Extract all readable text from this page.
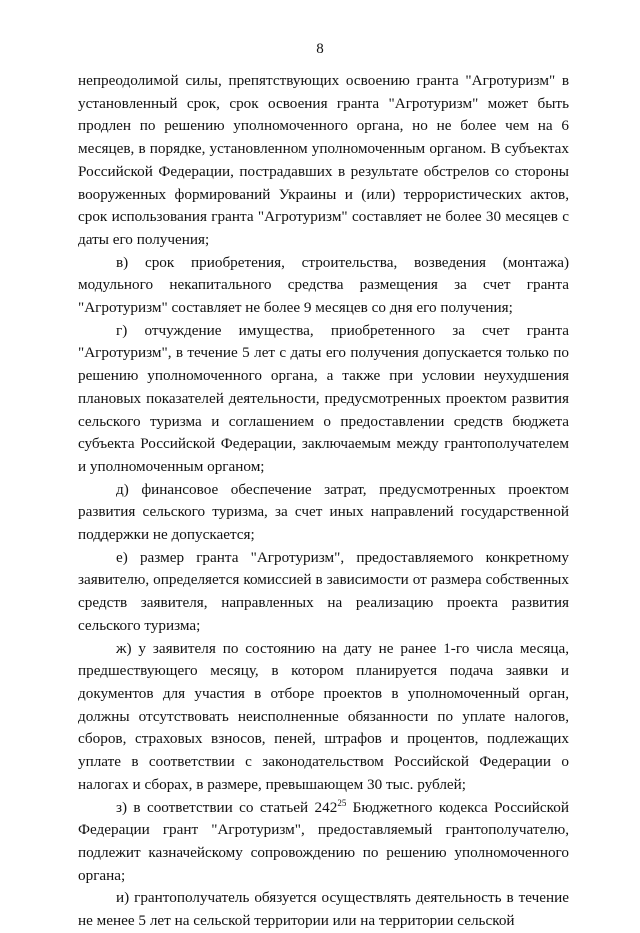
8

непреодолимой силы, препятствующих освоению гранта "Агротуризм" в установленный срок, срок освоения гранта "Агротуризм" может быть продлен по решению уполномоченного органа, но не более чем на 6 месяцев, в порядке, установленном уполномоченным органом. В субъектах Российской Федерации, пострадавших в результате обстрелов со стороны вооруженных формирований Украины и (или) террористических актов, срок использования гранта "Агротуризм" составляет не более 30 месяцев с даты его получения;

в) срок приобретения, строительства, возведения (монтажа) модульного некапитального средства размещения за счет гранта "Агротуризм" составляет не более 9 месяцев со дня его получения;

г) отчуждение имущества, приобретенного за счет гранта "Агротуризм", в течение 5 лет с даты его получения допускается только по решению уполномоченного органа, а также при условии неухудшения плановых показателей деятельности, предусмотренных проектом развития сельского туризма и соглашением о предоставлении средств бюджета субъекта Российской Федерации, заключаемым между грантополучателем и уполномоченным органом;

д) финансовое обеспечение затрат, предусмотренных проектом развития сельского туризма, за счет иных направлений государственной поддержки не допускается;

е) размер гранта "Агротуризм", предоставляемого конкретному заявителю, определяется комиссией в зависимости от размера собственных средств заявителя, направленных на реализацию проекта развития сельского туризма;

ж) у заявителя по состоянию на дату не ранее 1-го числа месяца, предшествующего месяцу, в котором планируется подача заявки и документов для участия в отборе проектов в уполномоченный орган, должны отсутствовать неисполненные обязанности по уплате налогов, сборов, страховых взносов, пеней, штрафов и процентов, подлежащих уплате в соответствии с законодательством Российской Федерации о налогах и сборах, в размере, превышающем 30 тыс. рублей;

з) в соответствии со статьей $242^{25}$ Бюджетного кодекса Российской Федерации грант "Агротуризм", предоставляемый грантополучателю, подлежит казначейскому сопровождению по решению уполномоченного органа;

и) грантополучатель обязуется осуществлять деятельность в течение не менее 5 лет на сельской территории или на территории сельской
